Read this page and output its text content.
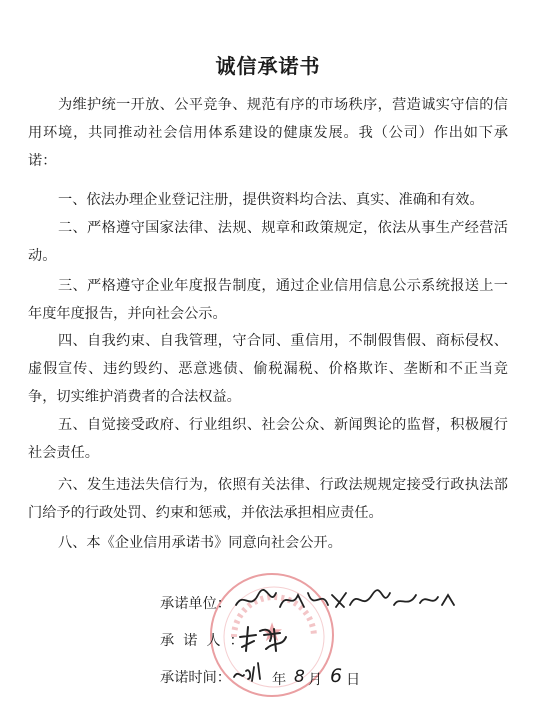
诚信承诺书

为维护统一开放、公平竞争、规范有序的市场秩序，营造诚实守信的信用环境，共同推动社会信用体系建设的健康发展。我（公司）作出如下承诺：

一、依法办理企业登记注册，提供资料均合法、真实、准确和有效。

二、严格遵守国家法律、法规、规章和政策规定，依法从事生产经营活动。

三、严格遵守企业年度报告制度，通过企业信用信息公示系统报送上一年度年度报告，并向社会公示。

四、自我约束、自我管理，守合同、重信用，不制假售假、商标侵权、虚假宣传、违约毁约、恶意逃债、偷税漏税、价格欺诈、垄断和不正当竞争，切实维护消费者的合法权益。

五、自觉接受政府、行业组织、社会公众、新闻舆论的监督，积极履行社会责任。

六、发生违法失信行为，依照有关法律、行政法规规定接受行政执法部门给予的行政处罚、约束和惩戒，并依法承担相应责任。

八、本《企业信用承诺书》同意向社会公开。

★
承诺单位：
承诺人：
承诺时间：	年 8 月 6 日
